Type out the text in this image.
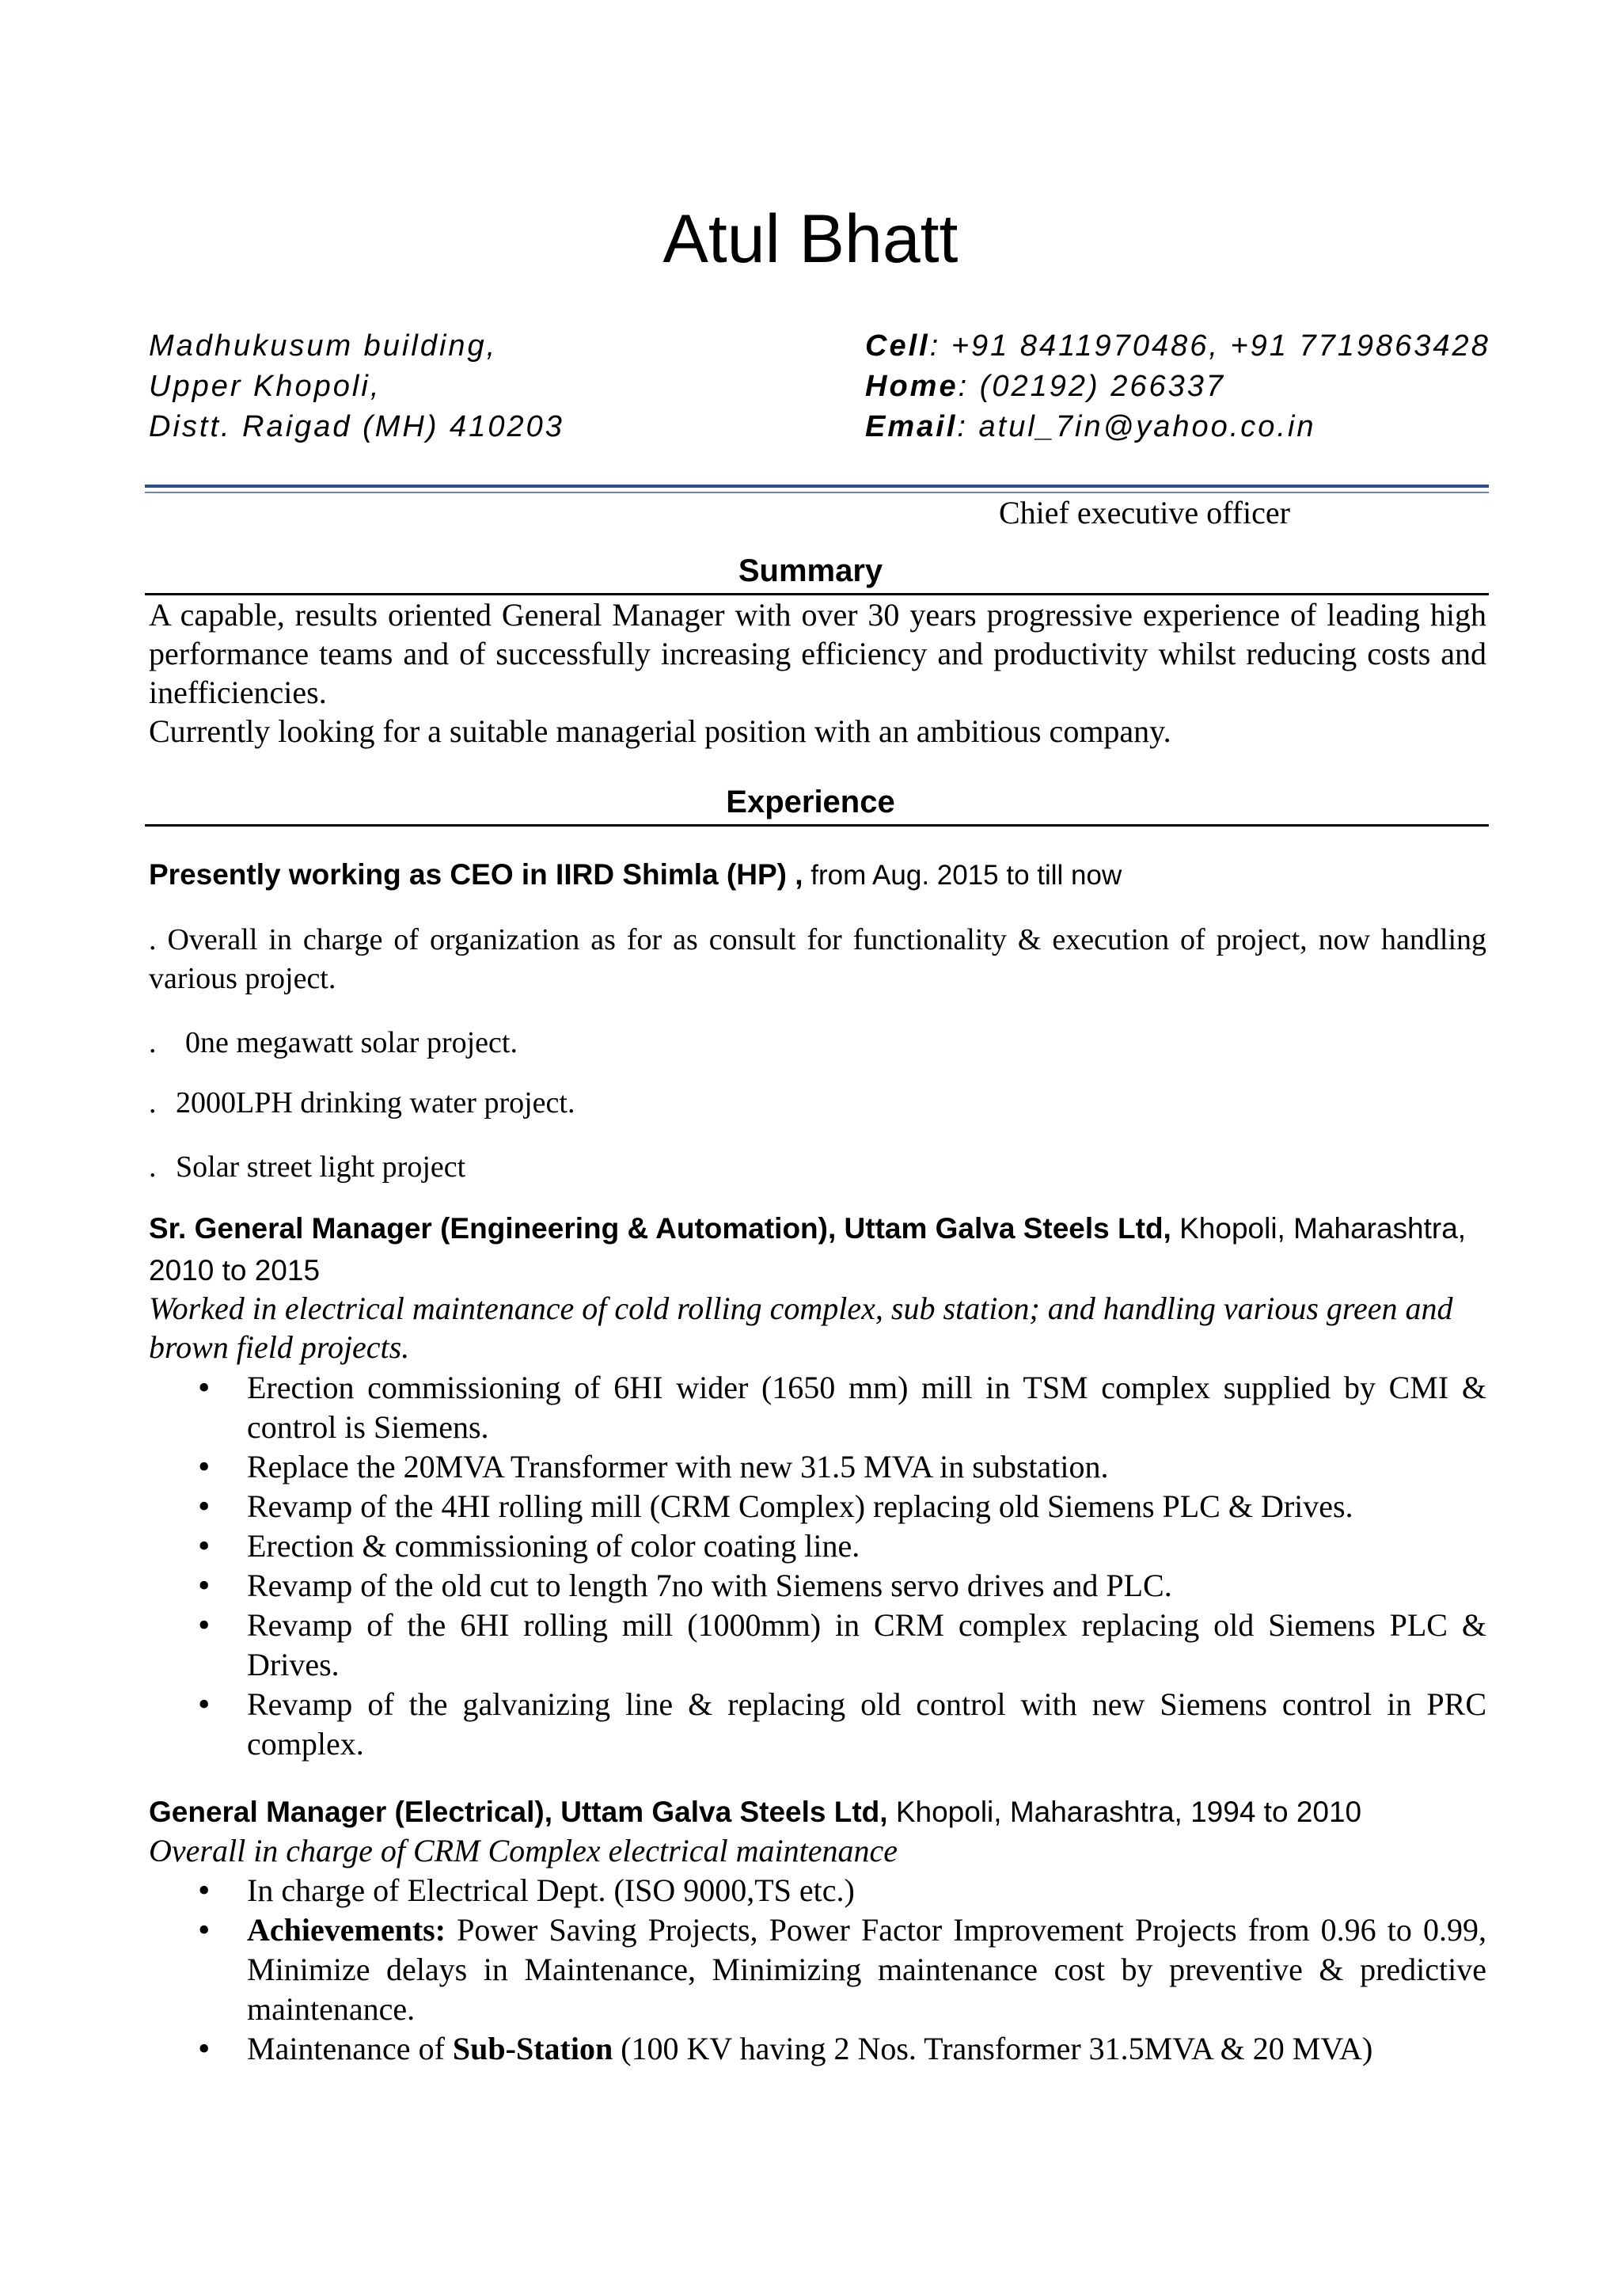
Atul Bhatt
Madhukusum building,
Upper Khopoli,
Distt. Raigad (MH) 410203
Cell: +91 8411970486, +91 7719863428
Home: (02192) 266337
Email: atul_7in@yahoo.co.in
Chief executive officer
Summary
A capable, results oriented General Manager with over 30 years progressive experience of leading high performance teams and of successfully increasing efficiency and productivity whilst reducing costs and inefficiencies.
Currently looking for a suitable managerial position with an ambitious company.
Experience
Presently working as CEO in IIRD Shimla (HP) , from Aug. 2015 to till now
. Overall in charge of organization as for as consult for functionality & execution of project, now handling various project.
. 0ne megawatt solar project.
. 2000LPH drinking water project.
. Solar street light project
Sr. General Manager (Engineering & Automation), Uttam Galva Steels Ltd, Khopoli, Maharashtra,
2010 to 2015
Worked in electrical maintenance of cold rolling complex, sub station; and handling various green and brown field projects.
• Erection commissioning of 6HI wider (1650 mm) mill in TSM complex supplied by CMI & control is Siemens.
• Replace the 20MVA Transformer with new 31.5 MVA in substation.
• Revamp of the 4HI rolling mill (CRM Complex) replacing old Siemens PLC & Drives.
• Erection & commissioning of color coating line.
• Revamp of the old cut to length 7no with Siemens servo drives and PLC.
• Revamp of the 6HI rolling mill (1000mm) in CRM complex replacing old Siemens PLC & Drives.
• Revamp of the galvanizing line & replacing old control with new Siemens control in PRC complex.
General Manager (Electrical), Uttam Galva Steels Ltd, Khopoli, Maharashtra, 1994 to 2010
Overall in charge of CRM Complex electrical maintenance
• In charge of Electrical Dept. (ISO 9000,TS etc.)
• Achievements: Power Saving Projects, Power Factor Improvement Projects from 0.96 to 0.99, Minimize delays in Maintenance, Minimizing maintenance cost by preventive & predictive maintenance.
• Maintenance of Sub-Station (100 KV having 2 Nos. Transformer 31.5MVA & 20 MVA)
